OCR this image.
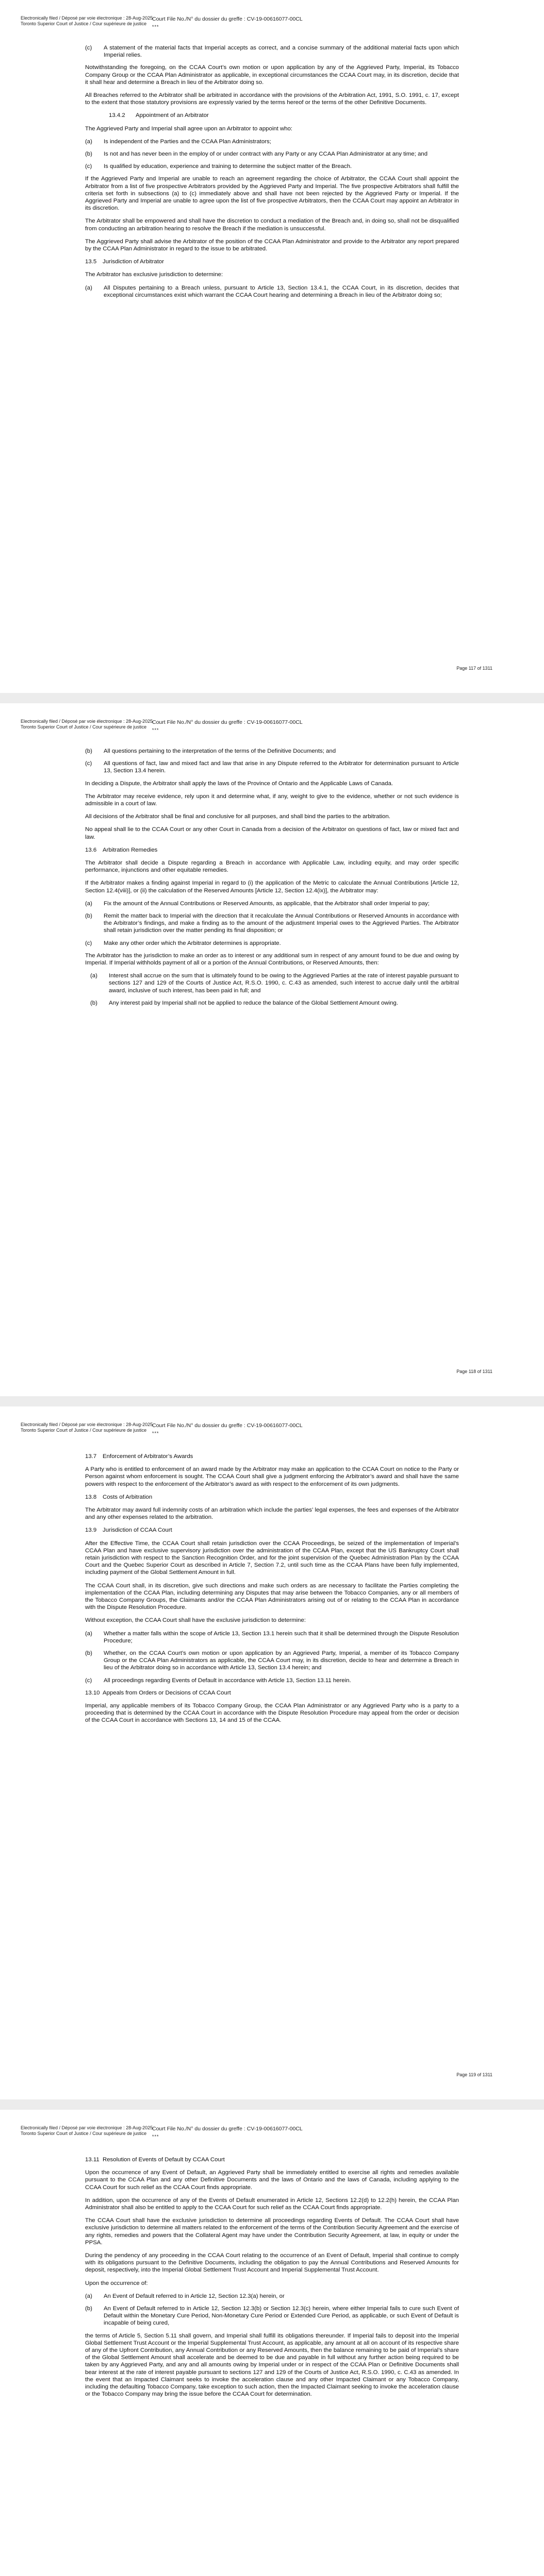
Electronically filed / Déposé par voie électronique : 28-Aug-2025
Toronto Superior Court of Justice / Cour supérieure de justice
Court File No./N° du dossier du greffe : CV-19-00616077-00CL
***
(c)	A statement of the material facts that Imperial accepts as correct, and a concise summary of the additional material facts upon which Imperial relies.

Notwithstanding the foregoing, on the CCAA Court’s own motion or upon application by any of the Aggrieved Party, Imperial, its Tobacco Company Group or the CCAA Plan Administrator as applicable, in exceptional circumstances the CCAA Court may, in its discretion, decide that it shall hear and determine a Breach in lieu of the Arbitrator doing so.

All Breaches referred to the Arbitrator shall be arbitrated in accordance with the provisions of the Arbitration Act, 1991, S.O. 1991, c. 17, except to the extent that those statutory provisions are expressly varied by the terms hereof or the terms of the other Definitive Documents.

13.4.2 Appointment of an Arbitrator

The Aggrieved Party and Imperial shall agree upon an Arbitrator to appoint who:

(a)	Is independent of the Parties and the CCAA Plan Administrators;
(b)	Is not and has never been in the employ of or under contract with any Party or any CCAA Plan Administrator at any time; and
(c)	Is qualified by education, experience and training to determine the subject matter of the Breach.

If the Aggrieved Party and Imperial are unable to reach an agreement regarding the choice of Arbitrator, the CCAA Court shall appoint the Arbitrator from a list of five prospective Arbitrators provided by the Aggrieved Party and Imperial. The five prospective Arbitrators shall fulfill the criteria set forth in subsections (a) to (c) immediately above and shall have not been rejected by the Aggrieved Party or Imperial. If the Aggrieved Party and Imperial are unable to agree upon the list of five prospective Arbitrators, then the CCAA Court may appoint an Arbitrator in its discretion.

The Arbitrator shall be empowered and shall have the discretion to conduct a mediation of the Breach and, in doing so, shall not be disqualified from conducting an arbitration hearing to resolve the Breach if the mediation is unsuccessful.

The Aggrieved Party shall advise the Arbitrator of the position of the CCAA Plan Administrator and provide to the Arbitrator any report prepared by the CCAA Plan Administrator in regard to the issue to be arbitrated.

13.5 Jurisdiction of Arbitrator

The Arbitrator has exclusive jurisdiction to determine:

(a)	All Disputes pertaining to a Breach unless, pursuant to Article 13, Section 13.4.1, the CCAA Court, in its discretion, decides that exceptional circumstances exist which warrant the CCAA Court hearing and determining a Breach in lieu of the Arbitrator doing so;
Page 117 of 1311
Electronically filed / Déposé par voie électronique : 28-Aug-2025
Toronto Superior Court of Justice / Cour supérieure de justice
Court File No./N° du dossier du greffe : CV-19-00616077-00CL
***
(b)	All questions pertaining to the interpretation of the terms of the Definitive Documents; and
(c)	All questions of fact, law and mixed fact and law that arise in any Dispute referred to the Arbitrator for determination pursuant to Article 13, Section 13.4 herein.

In deciding a Dispute, the Arbitrator shall apply the laws of the Province of Ontario and the Applicable Laws of Canada.

The Arbitrator may receive evidence, rely upon it and determine what, if any, weight to give to the evidence, whether or not such evidence is admissible in a court of law.

All decisions of the Arbitrator shall be final and conclusive for all purposes, and shall bind the parties to the arbitration.

No appeal shall lie to the CCAA Court or any other Court in Canada from a decision of the Arbitrator on questions of fact, law or mixed fact and law.

13.6 Arbitration Remedies

The Arbitrator shall decide a Dispute regarding a Breach in accordance with Applicable Law, including equity, and may order specific performance, injunctions and other equitable remedies.

If the Arbitrator makes a finding against Imperial in regard to (i) the application of the Metric to calculate the Annual Contributions [Article 12, Section 12.4(viii)], or (ii) the calculation of the Reserved Amounts [Article 12, Section 12.4(ix)], the Arbitrator may:

(a)	Fix the amount of the Annual Contributions or Reserved Amounts, as applicable, that the Arbitrator shall order Imperial to pay;
(b)	Remit the matter back to Imperial with the direction that it recalculate the Annual Contributions or Reserved Amounts in accordance with the Arbitrator’s findings, and make a finding as to the amount of the adjustment Imperial owes to the Aggrieved Parties. The Arbitrator shall retain jurisdiction over the matter pending its final disposition; or
(c)	Make any other order which the Arbitrator determines is appropriate.

The Arbitrator has the jurisdiction to make an order as to interest or any additional sum in respect of any amount found to be due and owing by Imperial. If Imperial withholds payment of all or a portion of the Annual Contributions, or Reserved Amounts, then:

(a)	Interest shall accrue on the sum that is ultimately found to be owing to the Aggrieved Parties at the rate of interest payable pursuant to sections 127 and 129 of the Courts of Justice Act, R.S.O. 1990, c. C.43 as amended, such interest to accrue daily until the arbitral award, inclusive of such interest, has been paid in full; and
(b)	Any interest paid by Imperial shall not be applied to reduce the balance of the Global Settlement Amount owing.
Page 118 of 1311
Electronically filed / Déposé par voie électronique : 28-Aug-2025
Toronto Superior Court of Justice / Cour supérieure de justice
Court File No./N° du dossier du greffe : CV-19-00616077-00CL
***
13.7 Enforcement of Arbitrator’s Awards

A Party who is entitled to enforcement of an award made by the Arbitrator may make an application to the CCAA Court on notice to the Party or Person against whom enforcement is sought. The CCAA Court shall give a judgment enforcing the Arbitrator’s award and shall have the same powers with respect to the enforcement of the Arbitrator’s award as with respect to the enforcement of its own judgments.

13.8 Costs of Arbitration

The Arbitrator may award full indemnity costs of an arbitration which include the parties’ legal expenses, the fees and expenses of the Arbitrator and any other expenses related to the arbitration.

13.9 Jurisdiction of CCAA Court

After the Effective Time, the CCAA Court shall retain jurisdiction over the CCAA Proceedings, be seized of the implementation of Imperial’s CCAA Plan and have exclusive supervisory jurisdiction over the administration of the CCAA Plan, except that the US Bankruptcy Court shall retain jurisdiction with respect to the Sanction Recognition Order, and for the joint supervision of the Quebec Administration Plan by the CCAA Court and the Quebec Superior Court as described in Article 7, Section 7.2, until such time as the CCAA Plans have been fully implemented, including payment of the Global Settlement Amount in full.

The CCAA Court shall, in its discretion, give such directions and make such orders as are necessary to facilitate the Parties completing the implementation of the CCAA Plan, including determining any Disputes that may arise between the Tobacco Companies, any or all members of the Tobacco Company Groups, the Claimants and/or the CCAA Plan Administrators arising out of or relating to the CCAA Plan in accordance with the Dispute Resolution Procedure.

Without exception, the CCAA Court shall have the exclusive jurisdiction to determine:

(a)	Whether a matter falls within the scope of Article 13, Section 13.1 herein such that it shall be determined through the Dispute Resolution Procedure;
(b)	Whether, on the CCAA Court’s own motion or upon application by an Aggrieved Party, Imperial, a member of its Tobacco Company Group or the CCAA Plan Administrators as applicable, the CCAA Court may, in its discretion, decide to hear and determine a Breach in lieu of the Arbitrator doing so in accordance with Article 13, Section 13.4 herein; and
(c)	All proceedings regarding Events of Default in accordance with Article 13, Section 13.11 herein.
13.10 Appeals from Orders or Decisions of CCAA Court

Imperial, any applicable members of its Tobacco Company Group, the CCAA Plan Administrator or any Aggrieved Party who is a party to a proceeding that is determined by the CCAA Court in accordance with the Dispute Resolution Procedure may appeal from the order or decision of the CCAA Court in accordance with Sections 13, 14 and 15 of the CCAA.

Page 119 of 1311
Electronically filed / Déposé par voie électronique : 28-Aug-2025
Toronto Superior Court of Justice / Cour supérieure de justice
Court File No./N° du dossier du greffe : CV-19-00616077-00CL
***
13.11 Resolution of Events of Default by CCAA Court

Upon the occurrence of any Event of Default, an Aggrieved Party shall be immediately entitled to exercise all rights and remedies available pursuant to the CCAA Plan and any other Definitive Documents and the laws of Ontario and the laws of Canada, including applying to the CCAA Court for such relief as the CCAA Court finds appropriate.

In addition, upon the occurrence of any of the Events of Default enumerated in Article 12, Sections 12.2(d) to 12.2(h) herein, the CCAA Plan Administrator shall also be entitled to apply to the CCAA Court for such relief as the CCAA Court finds appropriate.

The CCAA Court shall have the exclusive jurisdiction to determine all proceedings regarding Events of Default. The CCAA Court shall have exclusive jurisdiction to determine all matters related to the enforcement of the terms of the Contribution Security Agreement and the exercise of any rights, remedies and powers that the Collateral Agent may have under the Contribution Security Agreement, at law, in equity or under the PPSA.

During the pendency of any proceeding in the CCAA Court relating to the occurrence of an Event of Default, Imperial shall continue to comply with its obligations pursuant to the Definitive Documents, including the obligation to pay the Annual Contributions and Reserved Amounts for deposit, respectively, into the Imperial Global Settlement Trust Account and Imperial Supplemental Trust Account.

Upon the occurrence of:

(a)	An Event of Default referred to in Article 12, Section 12.3(a) herein, or
(b)	An Event of Default referred to in Article 12, Section 12.3(b) or Section 12.3(c) herein, where either Imperial fails to cure such Event of Default within the Monetary Cure Period, Non-Monetary Cure Period or Extended Cure Period, as applicable, or such Event of Default is incapable of being cured,

the terms of Article 5, Section 5.11 shall govern, and Imperial shall fulfill its obligations thereunder. If Imperial fails to deposit into the Imperial Global Settlement Trust Account or the Imperial Supplemental Trust Account, as applicable, any amount at all on account of its respective share of any of the Upfront Contribution, any Annual Contribution or any Reserved Amounts, then the balance remaining to be paid of Imperial’s share of the Global Settlement Amount shall accelerate and be deemed to be due and payable in full without any further action being required to be taken by any Aggrieved Party, and any and all amounts owing by Imperial under or in respect of the CCAA Plan or Definitive Documents shall bear interest at the rate of interest payable pursuant to sections 127 and 129 of the Courts of Justice Act, R.S.O. 1990, c. C.43 as amended. In the event that an Impacted Claimant seeks to invoke the acceleration clause and any other Impacted Claimant or any Tobacco Company, including the defaulting Tobacco Company, take exception to such action, then the Impacted Claimant seeking to invoke the acceleration clause or the Tobacco Company may bring the issue before the CCAA Court for determination.
